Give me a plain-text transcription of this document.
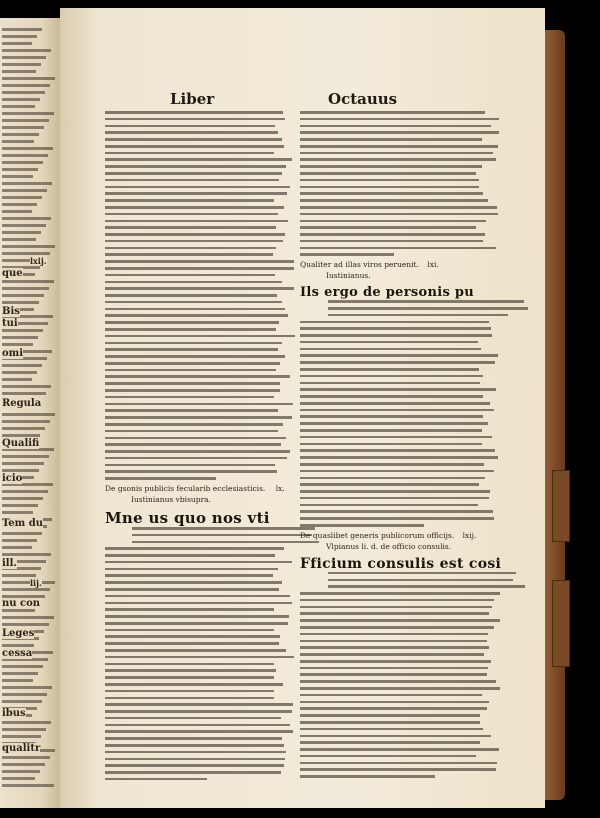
que
Bis
tui
omi
Regula
Qualifi
icio
Tem du
ill.
nu con
Leges
cessa
ibus
qualitr
lxij.
lij.
Liber	Octauus
De gsonis publicis fecularib ecclesiasticis. lx.
Iustinianus vbisupra.
Mne us quo nos vti
Qualiter ad illas viros peruenit. lxi.
Iustinianus.
Ils ergo de personis pu
De quaslibet generis publicorum officijs. lxij.
Vlpianus li. d. de officio consulis.
Fficium consulis est cosi
